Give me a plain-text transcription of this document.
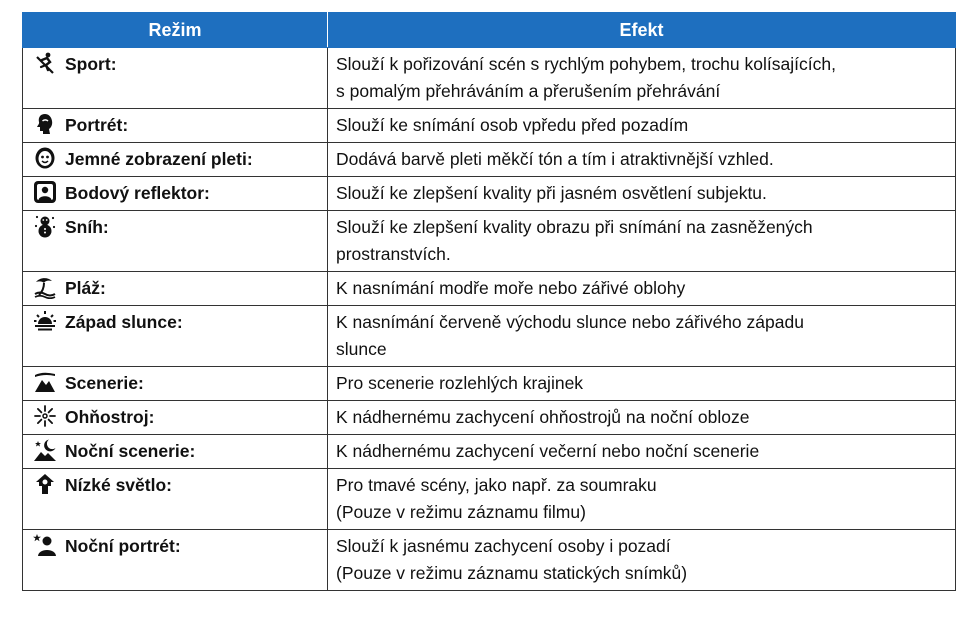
Režim	Efekt

Sport:	Slouží k pořizování scén s rychlým pohybem, trochu kolísajících,
s pomalým přehráváním a přerušením přehrávání

Portrét:	Slouží ke snímání osob vpředu před pozadím

Jemné zobrazení pleti:	Dodává barvě pleti měkčí tón a tím i atraktivnější vzhled.

Bodový reflektor:	Slouží ke zlepšení kvality při jasném osvětlení subjektu.

Sníh:	Slouží ke zlepšení kvality obrazu při snímání na zasněžených
prostranstvích.

Pláž:	K nasnímání modře moře nebo zářivé oblohy

Západ slunce:	K nasnímání červeně východu slunce nebo zářivého západu
slunce

Scenerie:	Pro scenerie rozlehlých krajinek

Ohňostroj:	K nádhernému zachycení ohňostrojů na noční obloze

Noční scenerie:	K nádhernému zachycení večerní nebo noční scenerie

Nízké světlo:	Pro tmavé scény, jako např. za soumraku
(Pouze v režimu záznamu filmu)

Noční portrét:	Slouží k jasnému zachycení osoby i pozadí
(Pouze v režimu záznamu statických snímků)
